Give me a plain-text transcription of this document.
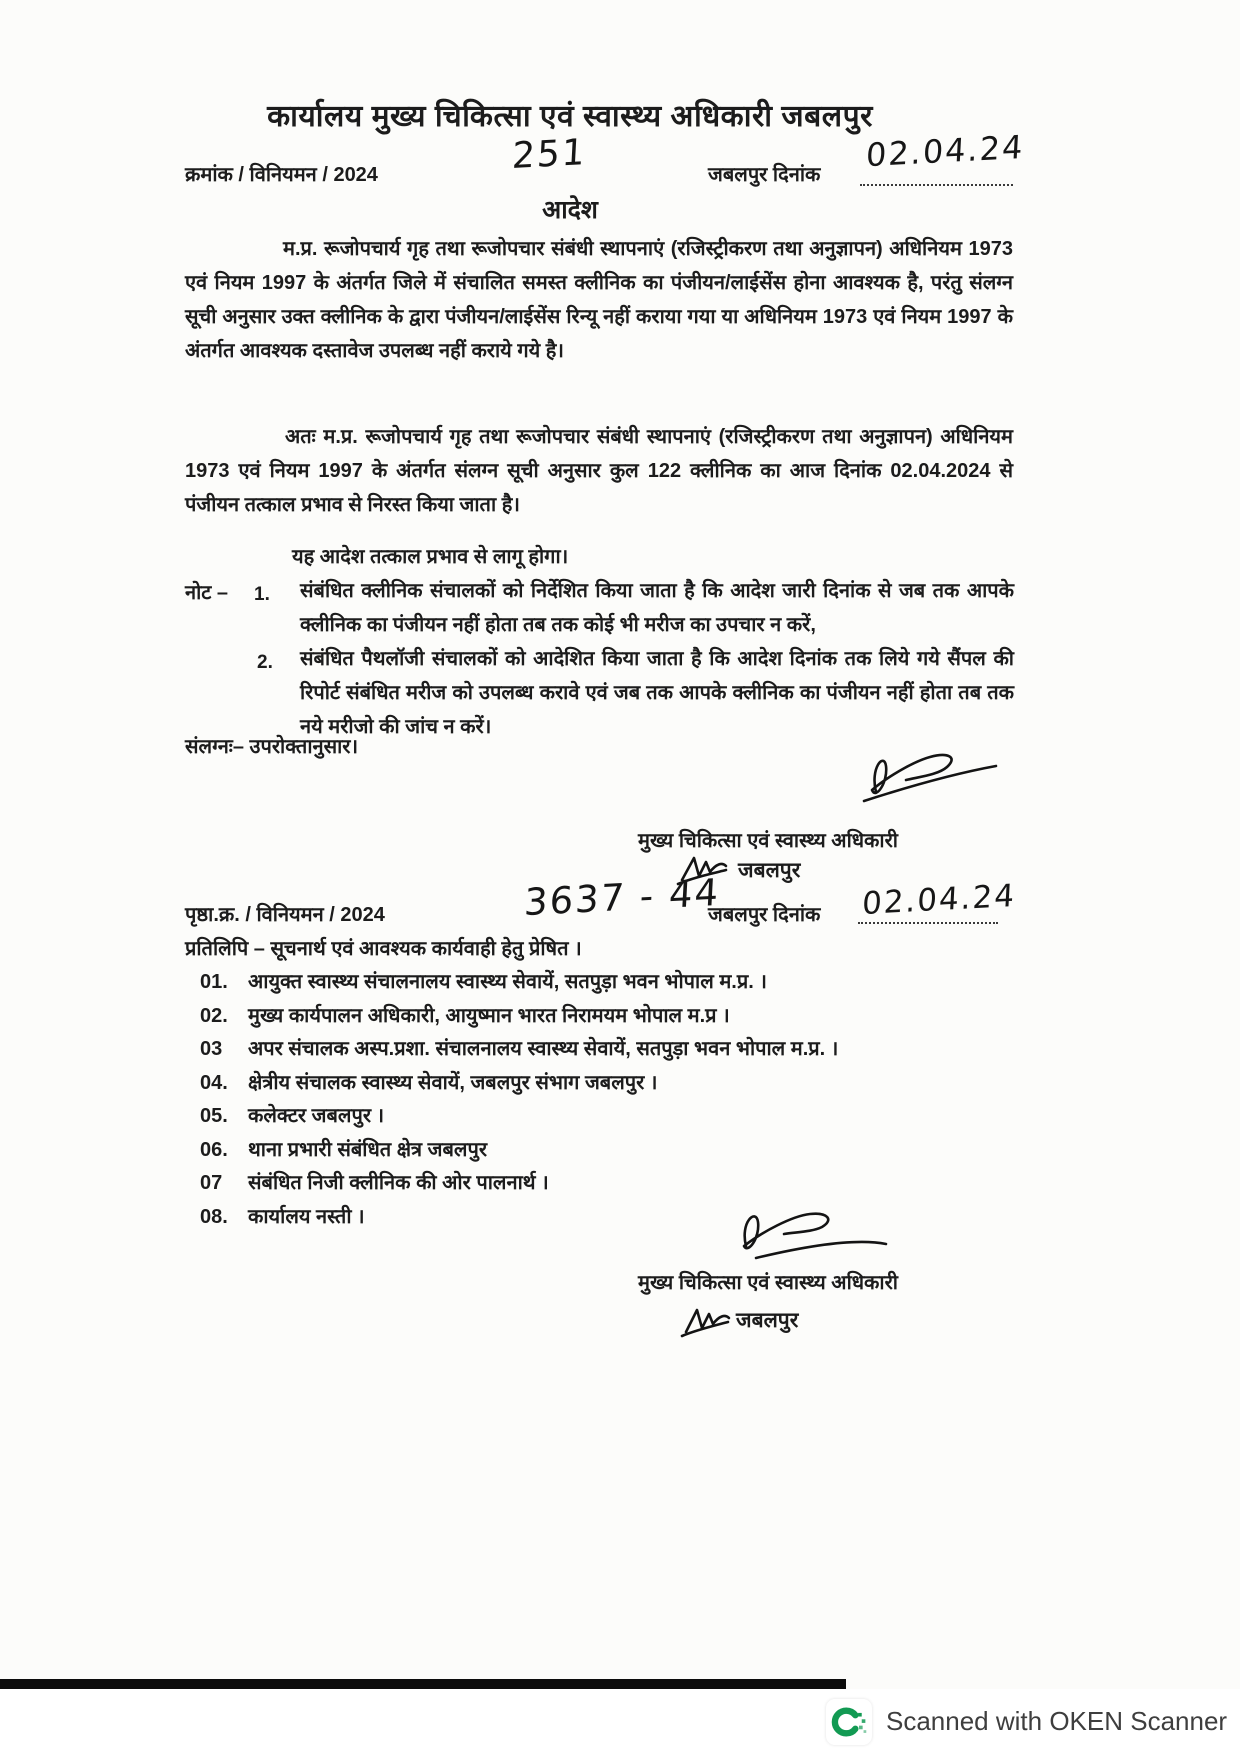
कार्यालय मुख्य चिकित्सा एवं स्वास्थ्य अधिकारी जबलपुर
क्रमांक / विनियमन / 2024	251	जबलपुर दिनांक
02.04.24
आदेश
म.प्र. रूजोपचार्य गृह तथा रूजोपचार संबंधी स्थापनाएं (रजिस्ट्रीकरण तथा अनुज्ञापन) अधिनियम 1973 एवं नियम 1997 के अंतर्गत जिले में संचालित समस्त क्लीनिक का पंजीयन/लाईसेंस होना आवश्यक है, परंतु संलग्न सूची अनुसार उक्त क्लीनिक के द्वारा पंजीयन/लाईसेंस रिन्यू नहीं कराया गया या अधिनियम 1973 एवं नियम 1997 के अंतर्गत आवश्यक दस्तावेज उपलब्ध नहीं कराये गये है।
अतः म.प्र. रूजोपचार्य गृह तथा रूजोपचार संबंधी स्थापनाएं (रजिस्ट्रीकरण तथा अनुज्ञापन) अधिनियम 1973 एवं नियम 1997 के अंतर्गत संलग्न सूची अनुसार कुल 122 क्लीनिक का आज दिनांक 02.04.2024 से पंजीयन तत्काल प्रभाव से निरस्त किया जाता है।
यह आदेश तत्काल प्रभाव से लागू होगा।
नोट – 1. संबंधित क्लीनिक संचालकों को निर्देशित किया जाता है कि आदेश जारी दिनांक से जब तक आपके क्लीनिक का पंजीयन नहीं होता तब तक कोई भी मरीज का उपचार न करें,
2. संबंधित पैथलॉजी संचालकों को आदेशित किया जाता है कि आदेश दिनांक तक लिये गये सैंपल की रिपोर्ट संबंधित मरीज को उपलब्ध करावे एवं जब तक आपके क्लीनिक का पंजीयन नहीं होता तब तक नये मरीजो की जांच न करें।
संलग्नः– उपरोक्तानुसार।
मुख्य चिकित्सा एवं स्वास्थ्य अधिकारी
जबलपुर
पृष्ठा.क्र. / विनियमन / 2024	3637 - 44
जबलपुर दिनांक 02.04.24
प्रतिलिपि – सूचनार्थ एवं आवश्यक कार्यवाही हेतु प्रेषित ।
01. आयुक्त स्वास्थ्य संचालनालय स्वास्थ्य सेवायें, सतपुड़ा भवन भोपाल म.प्र. ।
02. मुख्य कार्यपालन अधिकारी, आयुष्मान भारत निरामयम भोपाल म.प्र ।
03 अपर संचालक अस्प.प्रशा. संचालनालय स्वास्थ्य सेवायें, सतपुड़ा भवन भोपाल म.प्र. ।
04. क्षेत्रीय संचालक स्वास्थ्य सेवायें, जबलपुर संभाग जबलपुर ।
05. कलेक्टर जबलपुर ।
06. थाना प्रभारी संबंधित क्षेत्र जबलपुर
07 संबंधित निजी क्लीनिक की ओर पालनार्थ ।
08. कार्यालय नस्ती ।
मुख्य चिकित्सा एवं स्वास्थ्य अधिकारी
जबलपुर
Scanned with OKEN Scanner
